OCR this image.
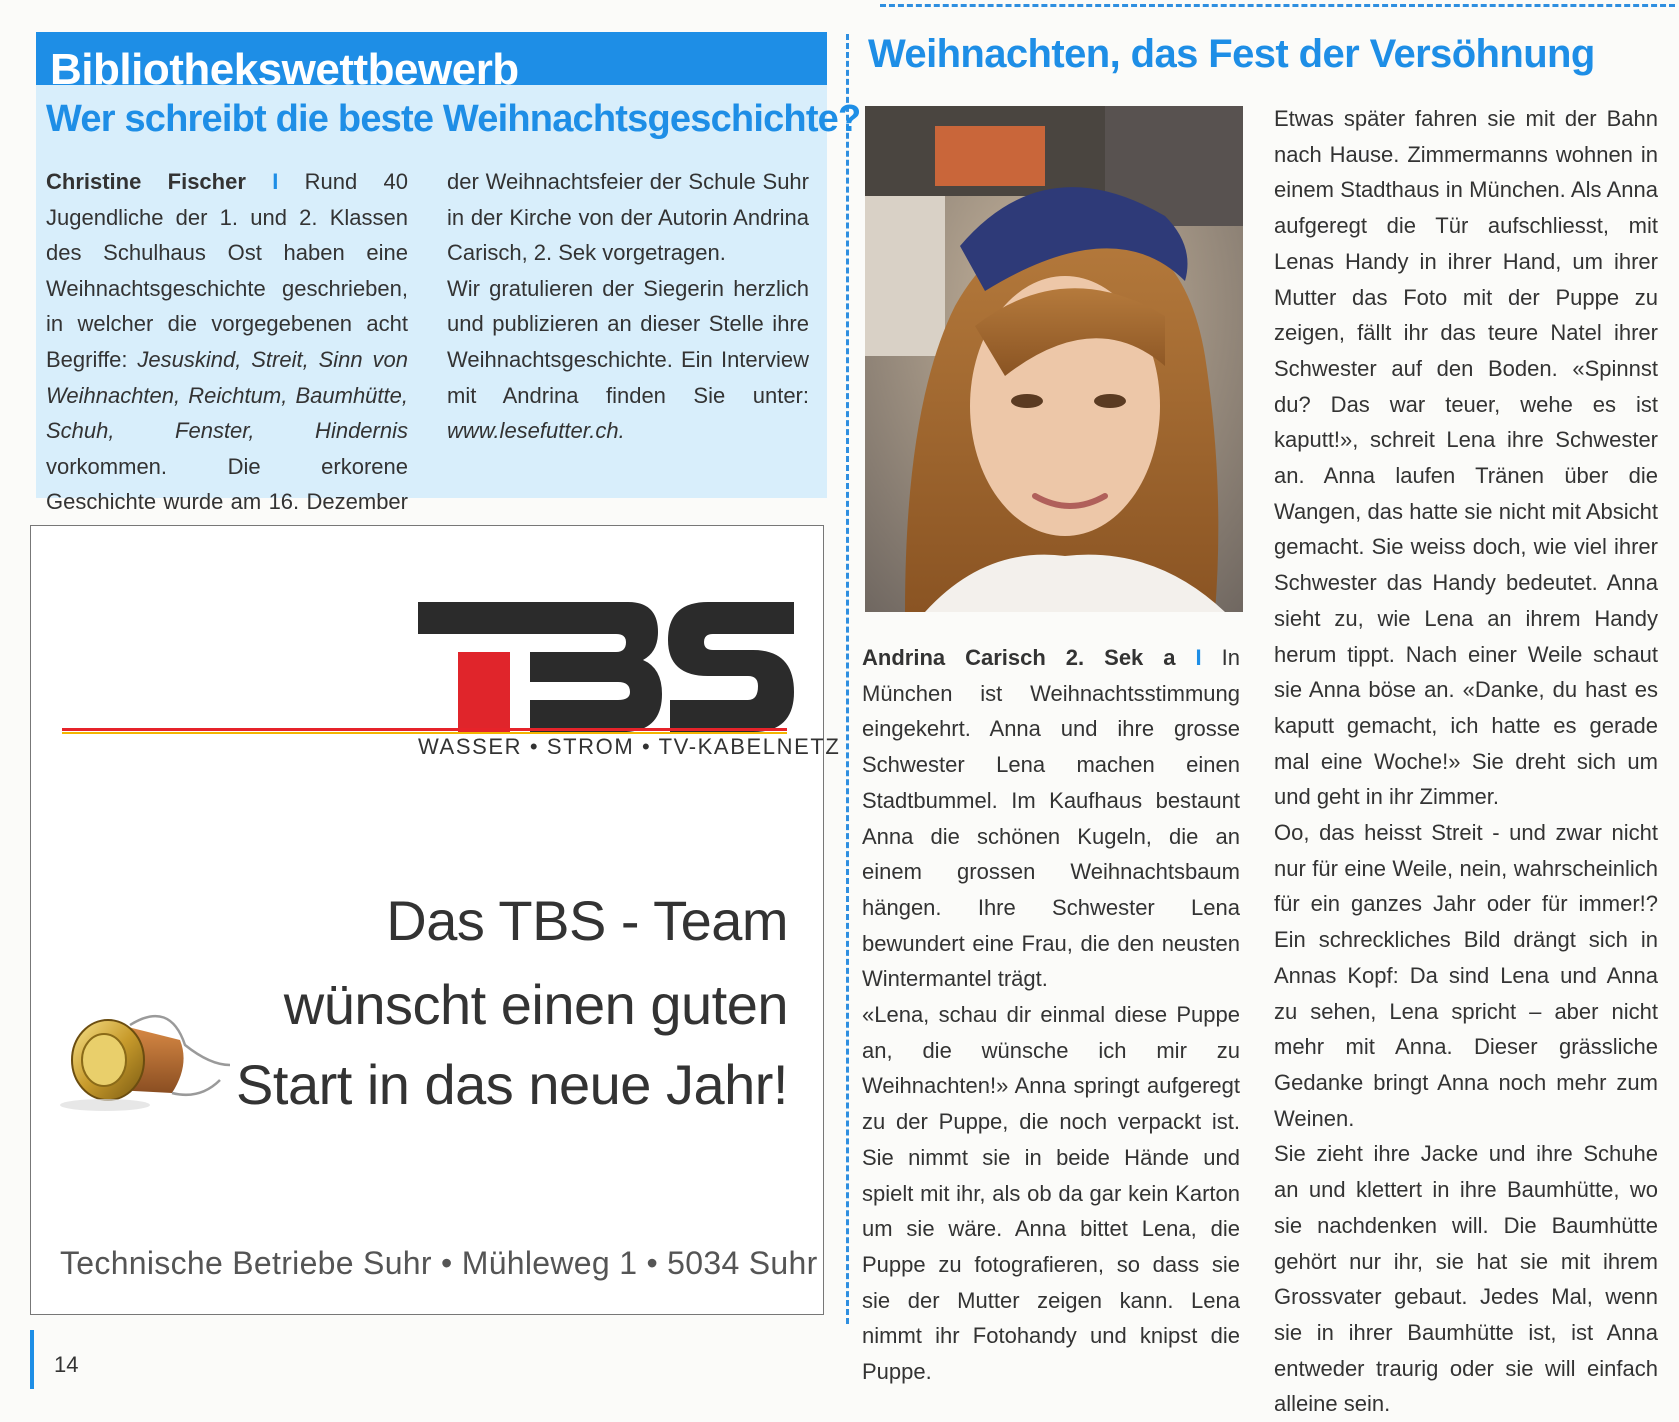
Bibliothekswettbewerb
Wer schreibt die beste Weihnachtsgeschichte?
Christine Fischer I Rund 40 Jugendliche der 1. und 2. Klassen des Schulhaus Ost haben eine Weihnachtsgeschichte geschrieben, in welcher die vorgegebenen acht Begriffe: Jesuskind, Streit, Sinn von Weihnachten, Reichtum, Baumhütte, Schuh, Fenster, Hindernis vorkommen. Die erkorene Geschichte wurde am 16. Dezember

der Weihnachtsfeier der Schule Suhr in der Kirche von der Autorin Andrina Carisch, 2. Sek vorgetragen.

Wir gratulieren der Siegerin herzlich und publizieren an dieser Stelle ihre Weihnachtsgeschichte. Ein Interview mit Andrina finden Sie unter: www.lesefutter.ch.

WASSER • STROM • TV-KABELNETZ
Das TBS - Team
wünscht einen guten
Start in das neue Jahr!
Technische Betriebe Suhr • Mühleweg 1 • 5034 Suhr
14
Weihnachten, das Fest der Versöhnung

Andrina Carisch 2. Sek a I In München ist Weihnachtsstimmung eingekehrt. Anna und ihre grosse Schwester Lena machen einen Stadtbummel. Im Kaufhaus bestaunt Anna die schönen Kugeln, die an einem grossen Weihnachtsbaum hängen. Ihre Schwester Lena bewundert eine Frau, die den neusten Wintermantel trägt.

«Lena, schau dir einmal diese Puppe an, die wünsche ich mir zu Weihnachten!» Anna springt aufgeregt zu der Puppe, die noch verpackt ist. Sie nimmt sie in beide Hände und spielt mit ihr, als ob da gar kein Karton um sie wäre. Anna bittet Lena, die Puppe zu fotografieren, so dass sie sie der Mutter zeigen kann. Lena nimmt ihr Fotohandy und knipst die Puppe.

Etwas später fahren sie mit der Bahn nach Hause. Zimmermanns wohnen in einem Stadthaus in München. Als Anna aufgeregt die Tür aufschliesst, mit Lenas Handy in ihrer Hand, um ihrer Mutter das Foto mit der Puppe zu zeigen, fällt ihr das teure Natel ihrer Schwester auf den Boden. «Spinnst du? Das war teuer, wehe es ist kaputt!», schreit Lena ihre Schwester an. Anna laufen Tränen über die Wangen, das hatte sie nicht mit Absicht gemacht. Sie weiss doch, wie viel ihrer Schwester das Handy bedeutet. Anna sieht zu, wie Lena an ihrem Handy herum tippt. Nach einer Weile schaut sie Anna böse an. «Danke, du hast es kaputt gemacht, ich hatte es gerade mal eine Woche!» Sie dreht sich um und geht in ihr Zimmer.

Oo, das heisst Streit - und zwar nicht nur für eine Weile, nein, wahrscheinlich für ein ganzes Jahr oder für immer!? Ein schreckliches Bild drängt sich in Annas Kopf: Da sind Lena und Anna zu sehen, Lena spricht – aber nicht mehr mit Anna. Dieser grässliche Gedanke bringt Anna noch mehr zum Weinen.

Sie zieht ihre Jacke und ihre Schuhe an und klettert in ihre Baumhütte, wo sie nachdenken will. Die Baumhütte gehört nur ihr, sie hat sie mit ihrem Grossvater gebaut. Jedes Mal, wenn sie in ihrer Baumhütte ist, ist Anna entweder traurig oder sie will einfach alleine sein.
